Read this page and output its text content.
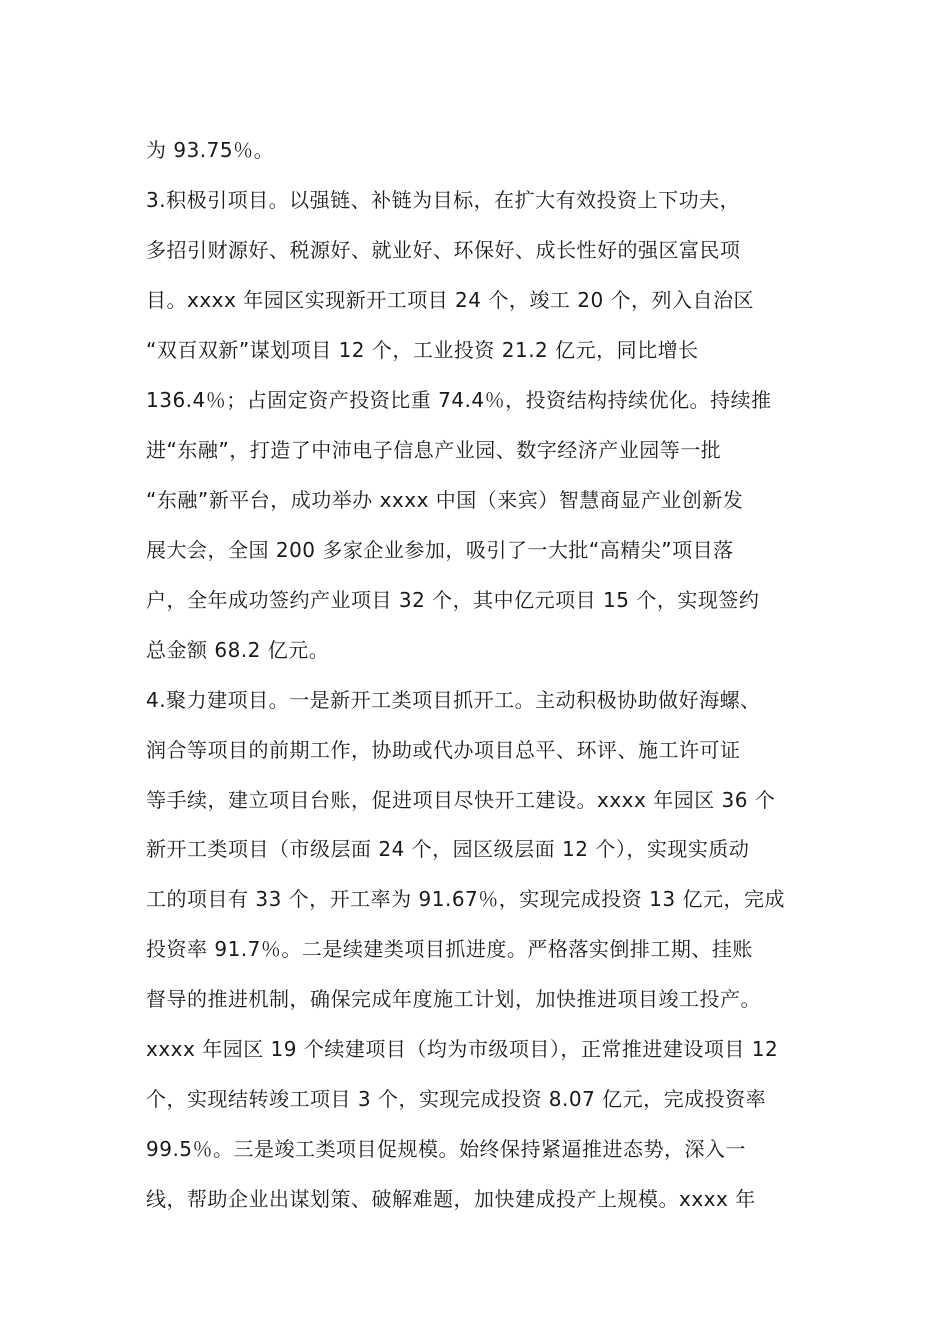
为 93.75％。
3.积极引项目。以强链、补链为目标，在扩大有效投资上下功夫，
多招引财源好、税源好、就业好、环保好、成长性好的强区富民项
目。xxxx 年园区实现新开工项目 24 个，竣工 20 个，列入自治区
“双百双新”谋划项目 12 个，工业投资 21.2 亿元，同比增长
136.4％；占固定资产投资比重 74.4％，投资结构持续优化。持续推
进“东融”，打造了中沛电子信息产业园、数字经济产业园等一批
“东融”新平台，成功举办 xxxx 中国（来宾）智慧商显产业创新发
展大会，全国 200 多家企业参加，吸引了一大批“高精尖”项目落
户，全年成功签约产业项目 32 个，其中亿元项目 15 个，实现签约
总金额 68.2 亿元。
4.聚力建项目。一是新开工类项目抓开工。主动积极协助做好海螺、
润合等项目的前期工作，协助或代办项目总平、环评、施工许可证
等手续，建立项目台账，促进项目尽快开工建设。xxxx 年园区 36 个
新开工类项目（市级层面 24 个，园区级层面 12 个），实现实质动
工的项目有 33 个，开工率为 91.67％，实现完成投资 13 亿元，完成
投资率 91.7％。二是续建类项目抓进度。严格落实倒排工期、挂账
督导的推进机制，确保完成年度施工计划，加快推进项目竣工投产。
xxxx 年园区 19 个续建项目（均为市级项目），正常推进建设项目 12
个，实现结转竣工项目 3 个，实现完成投资 8.07 亿元，完成投资率
99.5％。三是竣工类项目促规模。始终保持紧逼推进态势，深入一
线，帮助企业出谋划策、破解难题，加快建成投产上规模。xxxx 年
